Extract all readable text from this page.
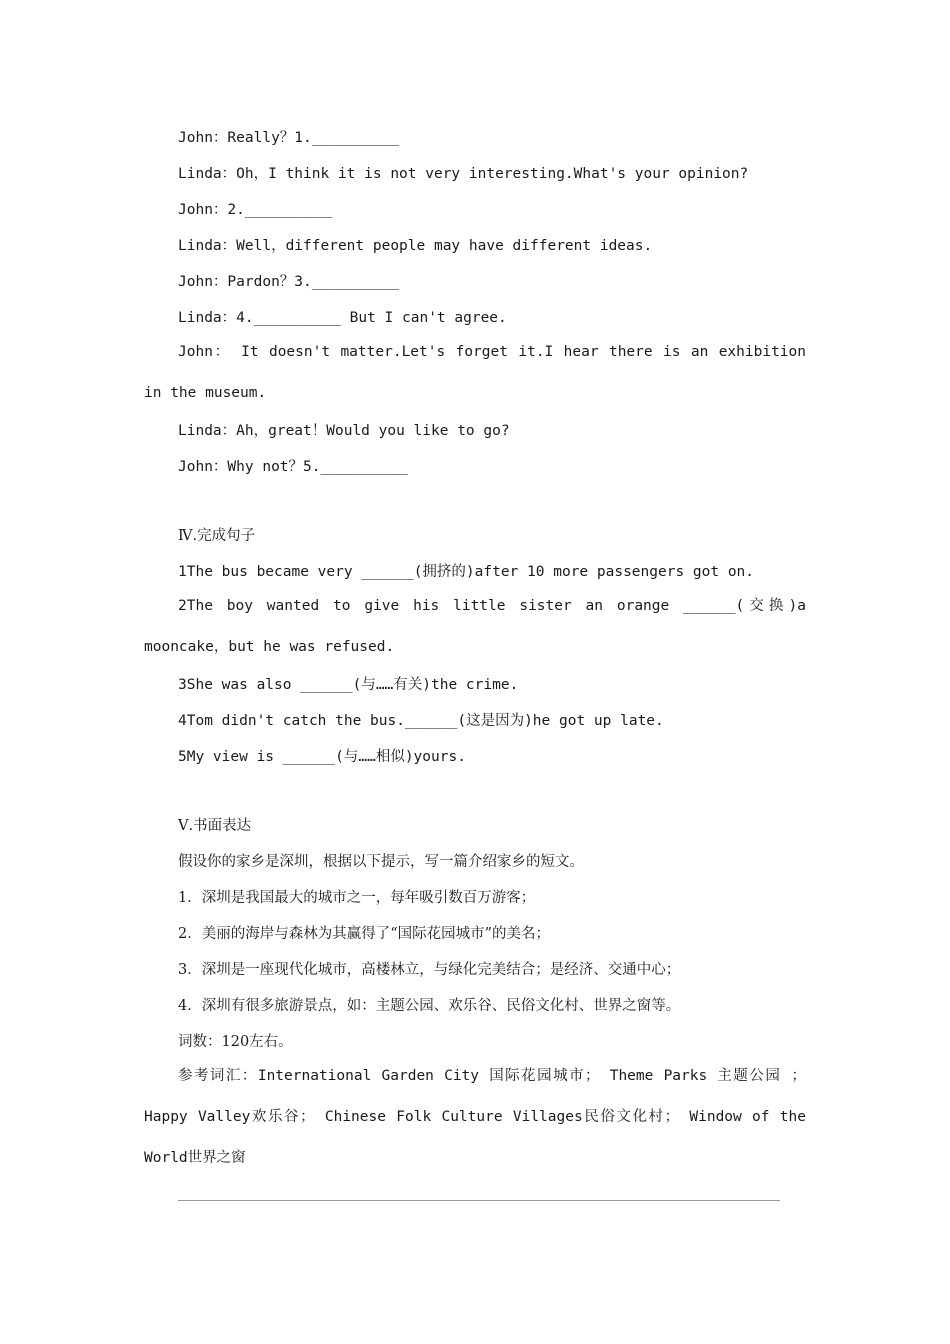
John：Really？1.__________
Linda：Oh，I think it is not very interesting.What's your opinion?
John：2.__________
Linda：Well，different people may have different ideas.
John：Pardon？3.__________
Linda：4.__________ But I can't agree.
John： It doesn't matter.Let's forget it.I hear there is an exhibition in the museum.
Linda：Ah，great！Would you like to go?
John：Why not？5.__________
Ⅳ.完成句子
1The bus became very ______(拥挤的)after 10 more passengers got on.
2The boy wanted to give his little sister an orange ______(交换)a mooncake，but he was refused.
3She was also ______(与……有关)the crime.
4Tom didn't catch the bus.______(这是因为)he got up late.
5My view is ______(与……相似)yours.
Ⅴ.书面表达
假设你的家乡是深圳，根据以下提示，写一篇介绍家乡的短文。
1．深圳是我国最大的城市之一，每年吸引数百万游客；
2．美丽的海岸与森林为其赢得了“国际花园城市”的美名；
3．深圳是一座现代化城市，高楼林立，与绿化完美结合；是经济、交通中心；
4．深圳有很多旅游景点，如：主题公园、欢乐谷、民俗文化村、世界之窗等。
词数：120左右。
参考词汇：International Garden City 国际花园城市； Theme Parks 主题公园 ；Happy Valley欢乐谷； Chinese Folk Culture Villages民俗文化村； Window of the World世界之窗
